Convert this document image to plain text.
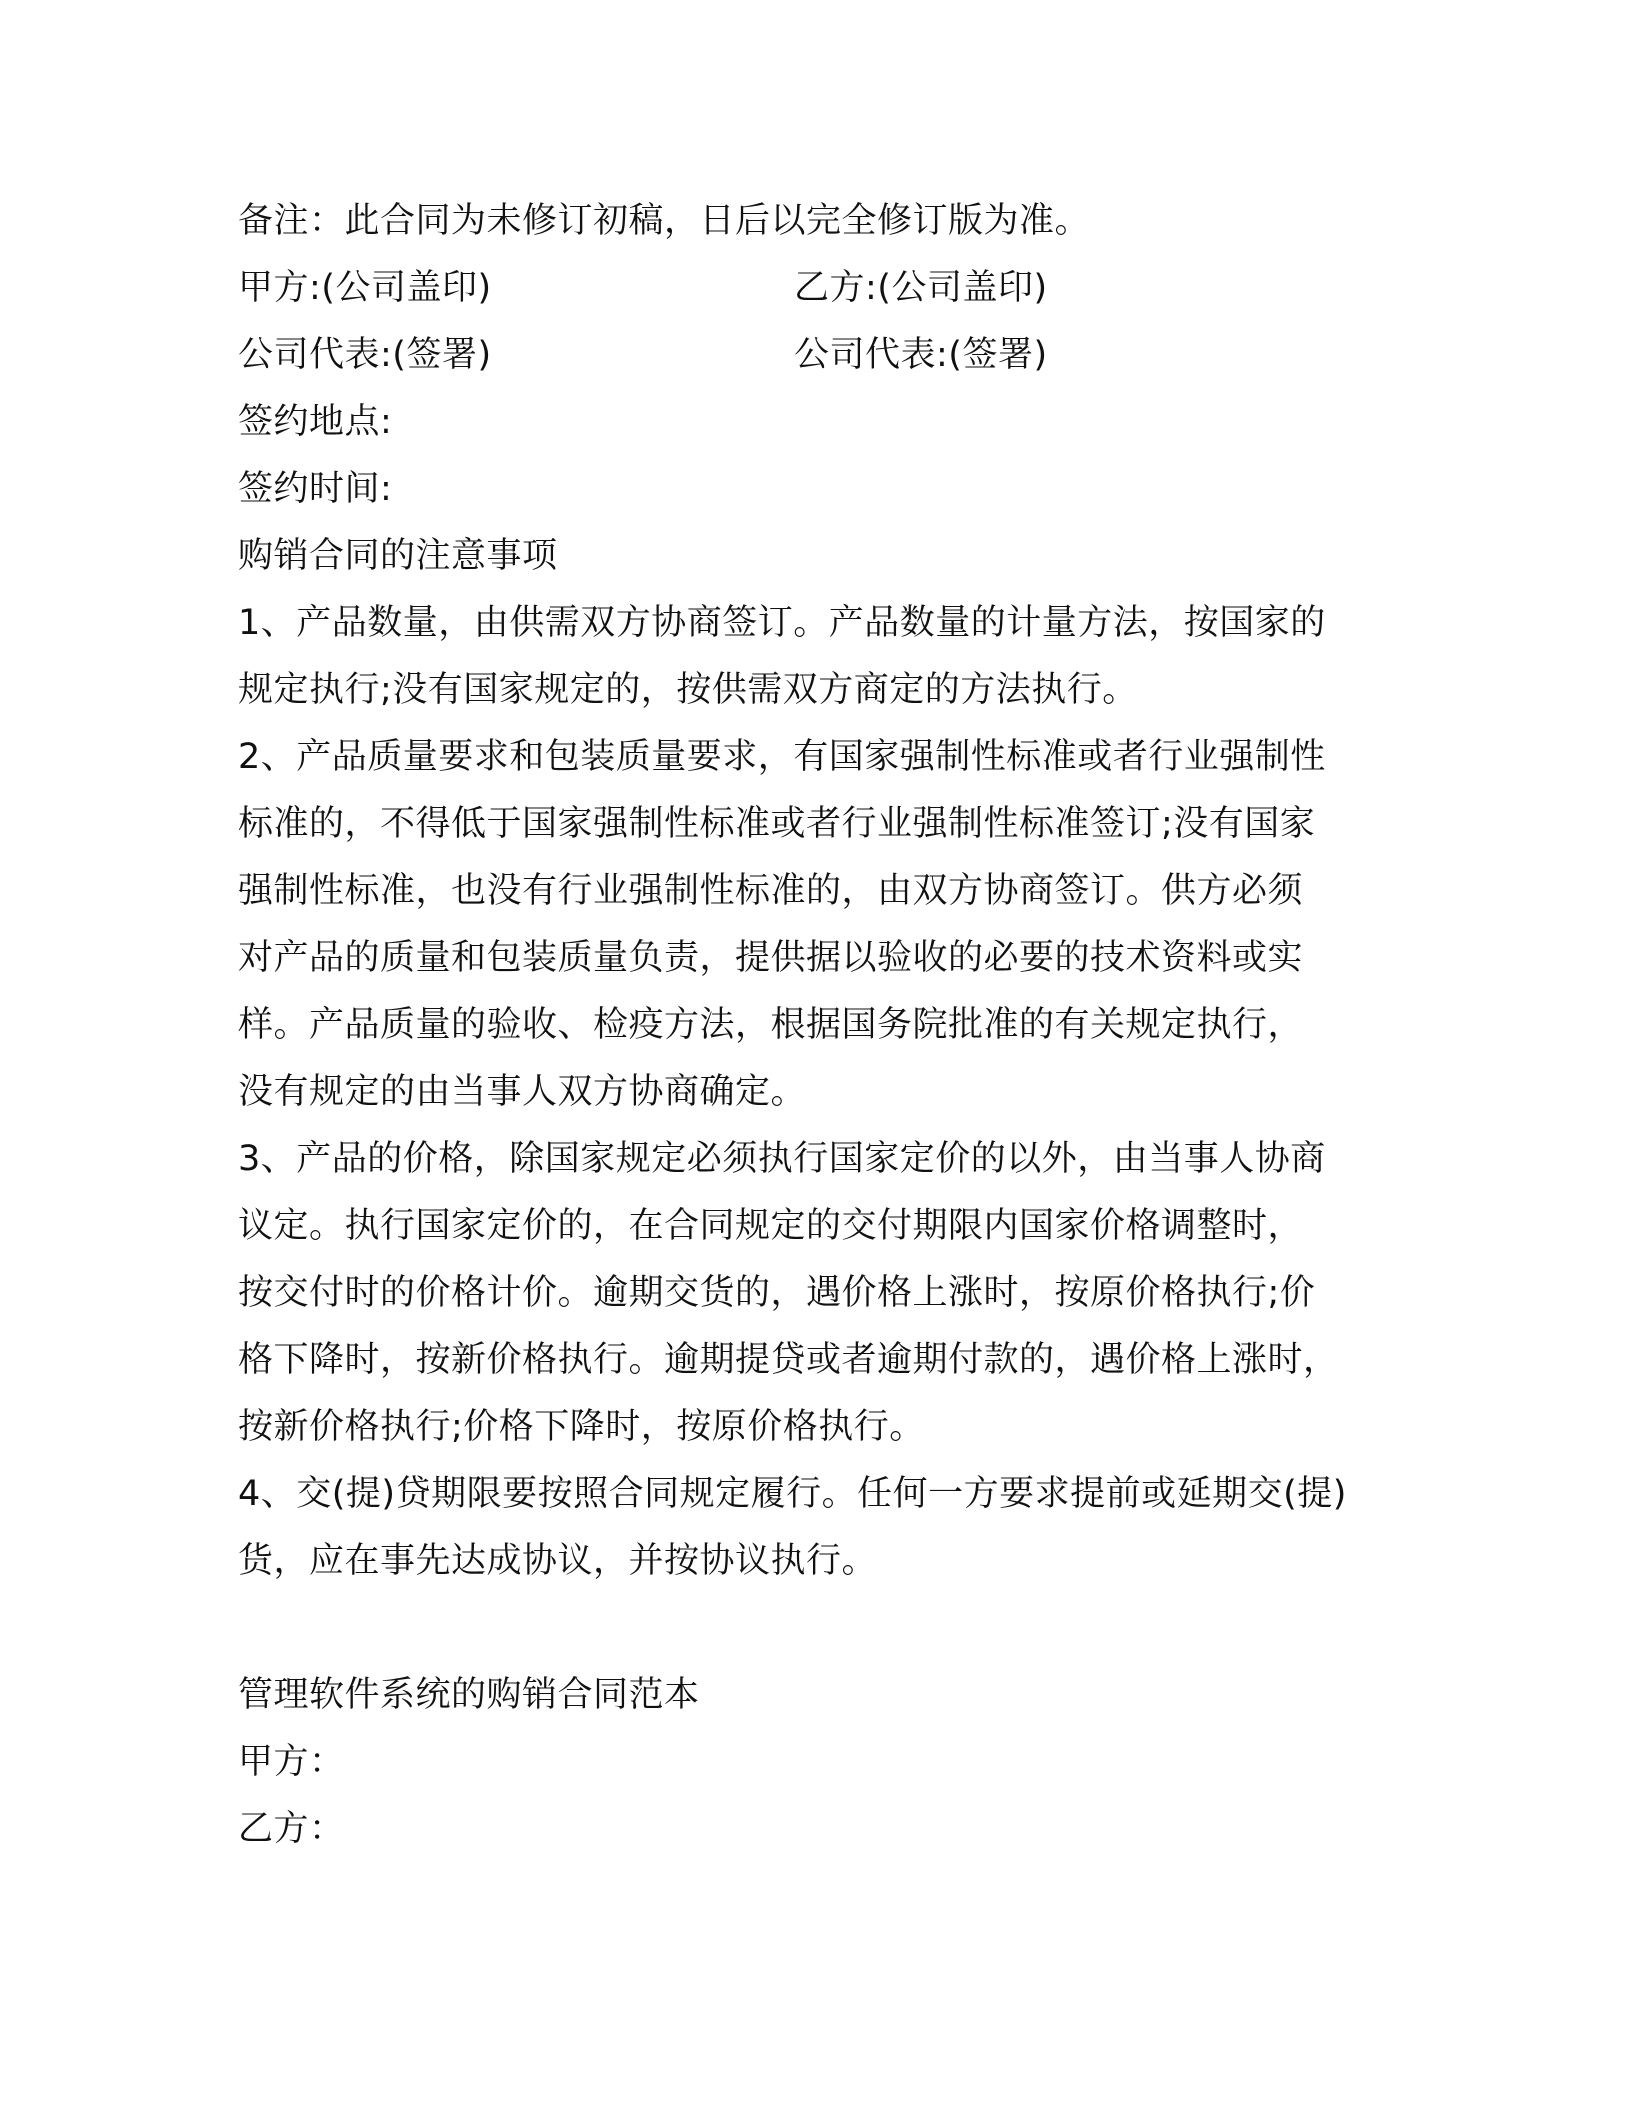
备注：此合同为未修订初稿，日后以完全修订版为准。
甲方:(公司盖印)	乙方:(公司盖印)
公司代表:(签署)	公司代表:(签署)
签约地点:
签约时间:
购销合同的注意事项
1、产品数量，由供需双方协商签订。产品数量的计量方法，按国家的
规定执行;没有国家规定的，按供需双方商定的方法执行。
2、产品质量要求和包装质量要求，有国家强制性标准或者行业强制性
标准的，不得低于国家强制性标准或者行业强制性标准签订;没有国家
强制性标准，也没有行业强制性标准的，由双方协商签订。供方必须
对产品的质量和包装质量负责，提供据以验收的必要的技术资料或实
样。产品质量的验收、检疫方法，根据国务院批准的有关规定执行，
没有规定的由当事人双方协商确定。
3、产品的价格，除国家规定必须执行国家定价的以外，由当事人协商
议定。执行国家定价的，在合同规定的交付期限内国家价格调整时，
按交付时的价格计价。逾期交货的，遇价格上涨时，按原价格执行;价
格下降时，按新价格执行。逾期提贷或者逾期付款的，遇价格上涨时，
按新价格执行;价格下降时，按原价格执行。
4、交(提)贷期限要按照合同规定履行。任何一方要求提前或延期交(提)
货，应在事先达成协议，并按协议执行。
管理软件系统的购销合同范本
甲方：
乙方：
